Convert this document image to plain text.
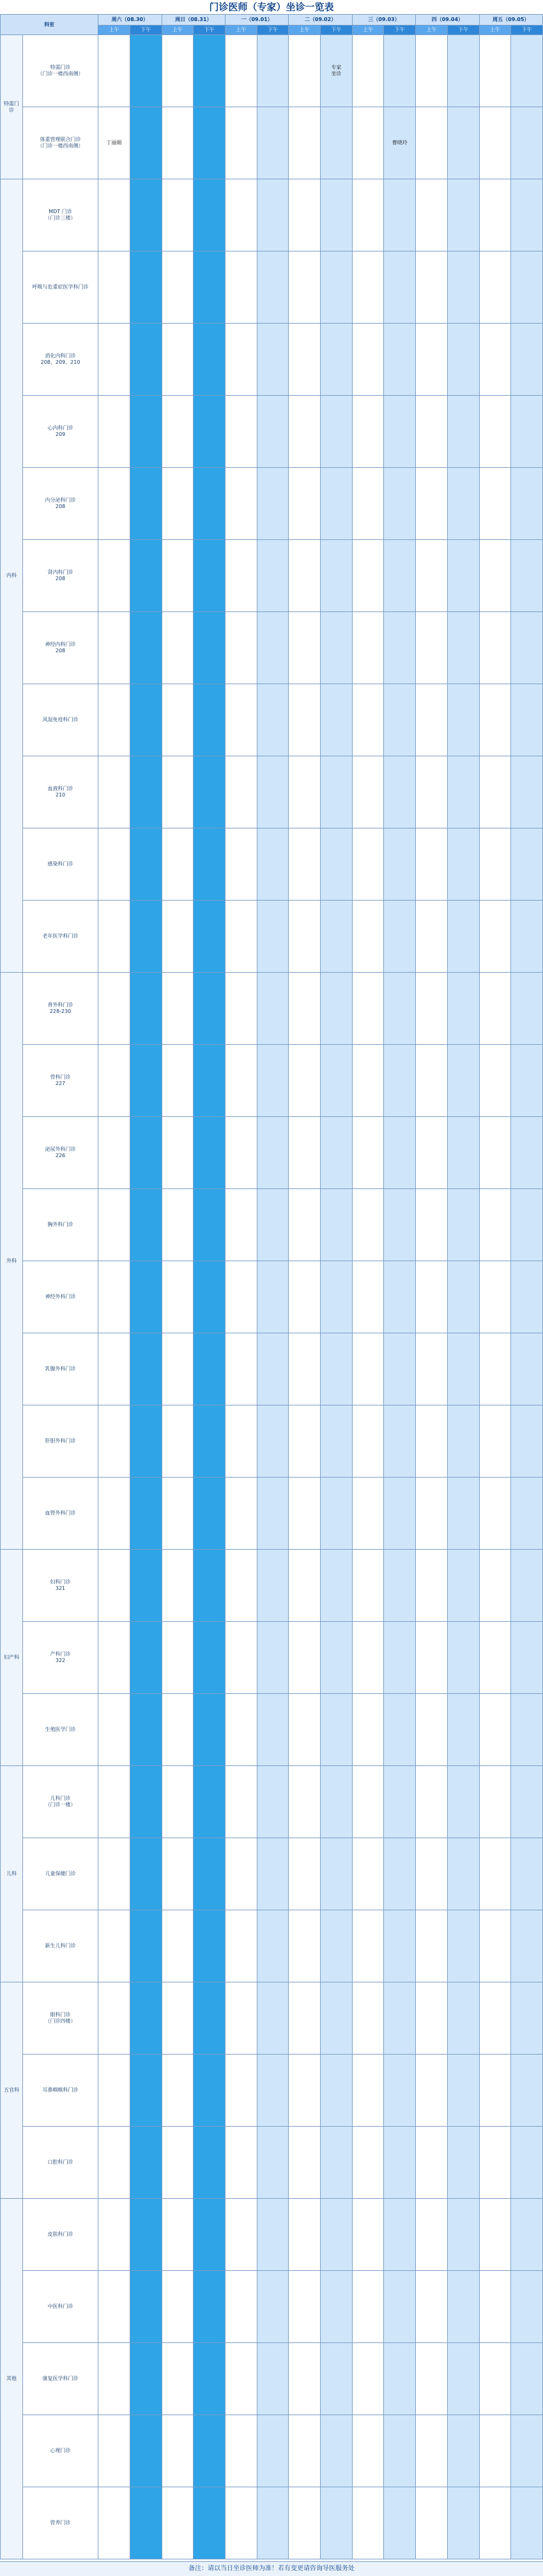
门诊医师（专家）坐诊一览表
科室		周六（08.30）		周日（08.31）		一（09.01）		二（09.02）		三（09.03）		四（09.04）		周五（09.05）	
		上午	下午	上午	下午	上午	下午	上午	下午	上午	下午	上午	下午	上午	下午
特需门诊	特需门诊
（门诊一楼西南侧）								专家
坐诊						
	体重管理联合门诊
（门诊一楼西南侧）	丁丽娟									曹晓玲				
内科	MDT 门诊
（门诊三楼）														
	呼吸与危重症医学科门诊														
	消化内科门诊
208、209、210														
	心内科门诊
209														
	内分泌科门诊
208														
	肾内科门诊
208														
	神经内科门诊
208														
	风湿免疫科门诊														
	血液科门诊
210														
	感染科门诊														
	老年医学科门诊														
外科	普外科门诊
228-230														
	骨科门诊
227														
	泌尿外科门诊
226														
	胸外科门诊														
	神经外科门诊														
	乳腺外科门诊														
	肝胆外科门诊														
	血管外科门诊														
妇产科	妇科门诊
321														
	产科门诊
322														
	生殖医学门诊														
儿科	儿科门诊
（门诊一楼）														
	儿童保健门诊														
	新生儿科门诊														
五官科	眼科门诊
（门诊四楼）														
	耳鼻咽喉科门诊														
	口腔科门诊														
其他	皮肤科门诊														
	中医科门诊														
	康复医学科门诊														
	心理门诊														
	营养门诊														
备注：请以当日坐诊医师为准！若有变更请咨询导医服务处
